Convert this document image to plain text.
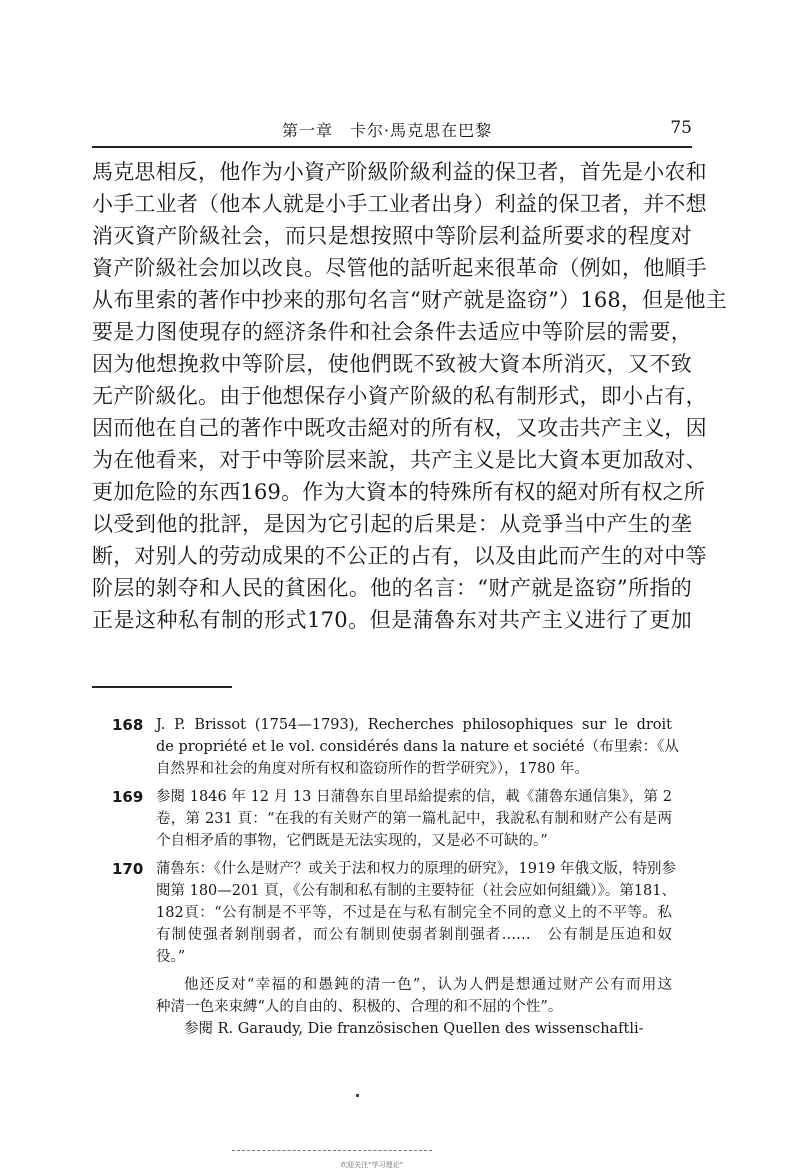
第一章　卡尔·馬克思在巴黎	75
馬克思相反，他作为小資产阶級阶級利益的保卫者，首先是小农和
小手工业者（他本人就是小手工业者出身）利益的保卫者，并不想
消灭資产阶級社会，而只是想按照中等阶层利益所要求的程度对
資产阶級社会加以改良。尽管他的話听起来很革命（例如，他順手
从布里索的著作中抄来的那句名言“财产就是盗窃”）168，但是他主
要是力图使現存的經济条件和社会条件去适应中等阶层的需要，
因为他想挽救中等阶层，使他們既不致被大資本所消灭，又不致
无产阶級化。由于他想保存小資产阶級的私有制形式，即小占有，
因而他在自己的著作中既攻击絕对的所有权，又攻击共产主义，因
为在他看来，对于中等阶层来說，共产主义是比大資本更加敌对、
更加危险的东西169。作为大資本的特殊所有权的絕对所有权之所
以受到他的批評，是因为它引起的后果是：从竞爭当中产生的垄
断，对别人的劳动成果的不公正的占有，以及由此而产生的对中等
阶层的剝夺和人民的貧困化。他的名言：“财产就是盗窃”所指的
正是这种私有制的形式170。但是蒲魯东对共产主义进行了更加
168 J. P. Brissot (1754—1793), Recherches philosophiques sur le droit
de propriété et le vol. considérés dans la nature et société（布里索：《从
自然界和社会的角度对所有权和盗窃所作的哲学研究》），1780 年。
169 参閱 1846 年 12 月 13 日蒲魯东自里昂給提索的信，載《蒲魯东通信集》，第 2
卷，第 231 頁：“在我的有关财产的第一篇札記中，我說私有制和财产公有是两
个自相矛盾的事物，它們既是无法实现的，又是必不可缺的。”
170 蒲魯东：《什么是财产？或关于法和权力的原理的研究》，1919 年俄文版，特别参
閱第 180—201 頁，《公有制和私有制的主要特征（社会应如何組織）》。第181、
182頁：“公有制是不平等，不过是在与私有制完全不同的意义上的不平等。私
有制使强者剝削弱者，而公有制則使弱者剝削强者……　公有制是压迫和奴
役。”
他还反对“幸福的和愚鈍的清一色”，认为人們是想通过财产公有而用这
种清一色来束縛“人的自由的、积极的、合理的和不屈的个性”。
参閱 R. Garaudy, Die französischen Quellen des wissenschaftli-
欢迎关注“学习理论”
